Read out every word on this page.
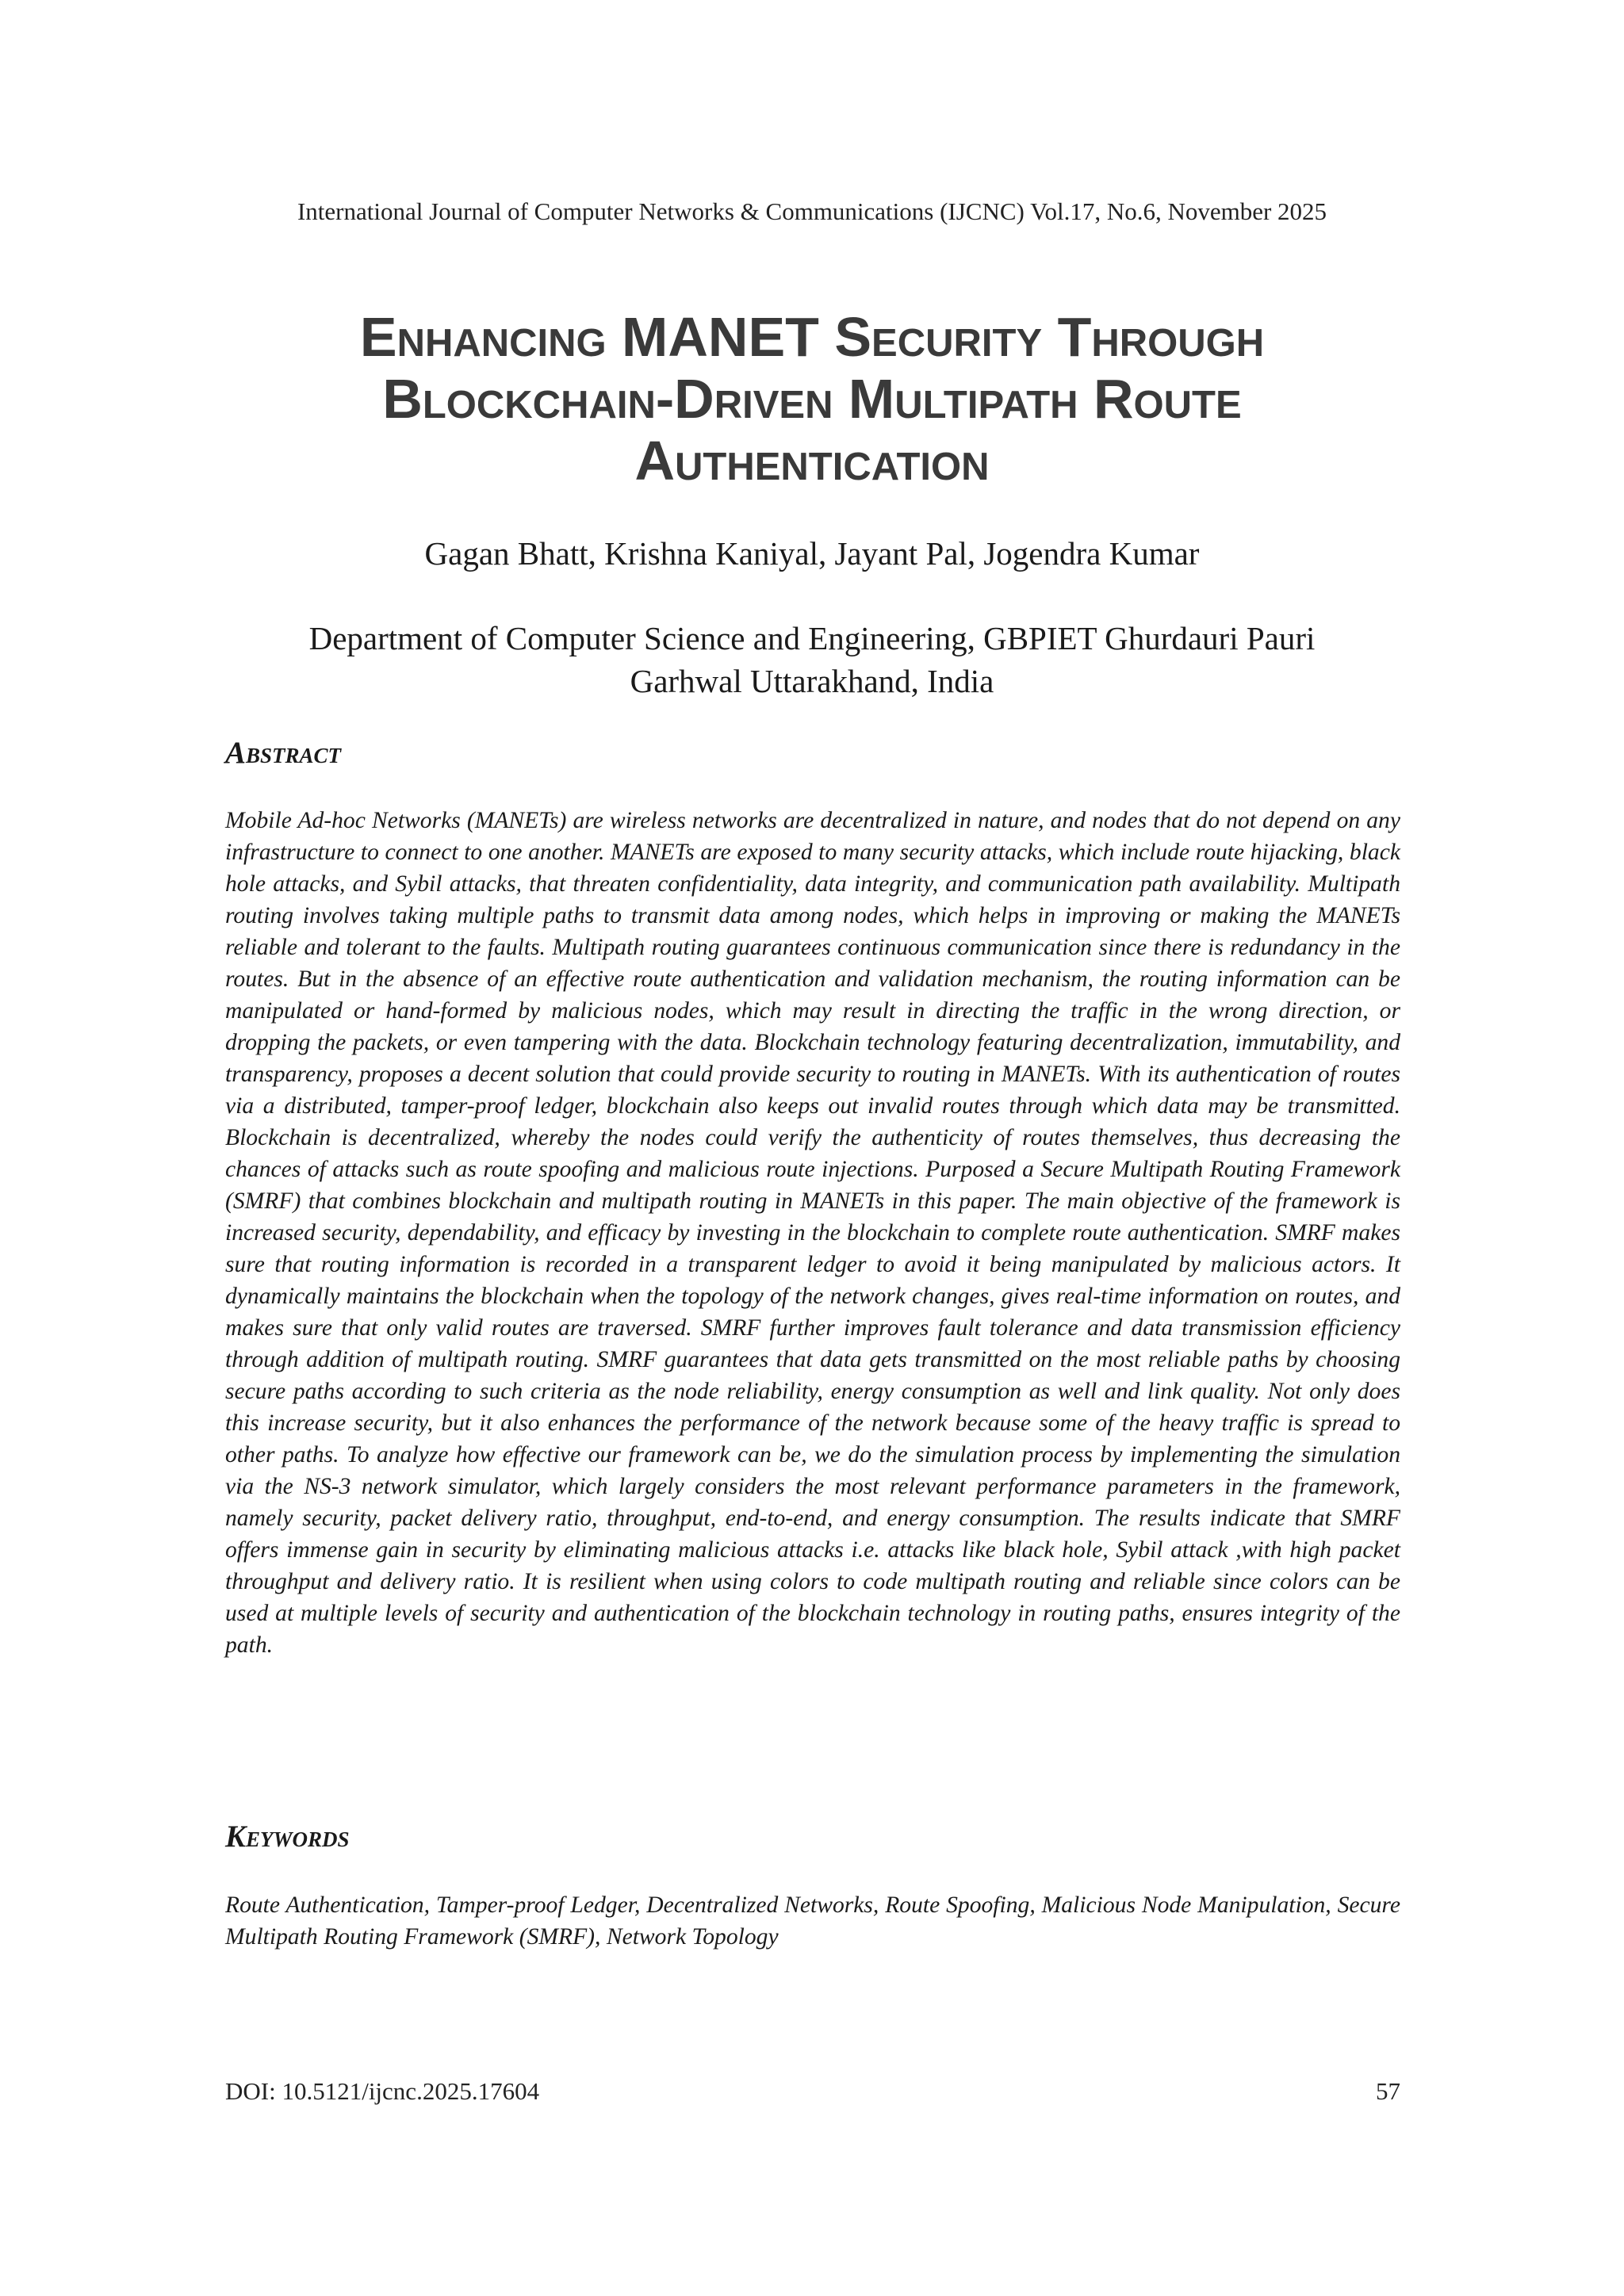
International Journal of Computer Networks & Communications (IJCNC) Vol.17, No.6, November 2025
Enhancing MANET Security Through
Blockchain-Driven Multipath Route
Authentication
Gagan Bhatt, Krishna Kaniyal, Jayant Pal, Jogendra Kumar
Department of Computer Science and Engineering, GBPIET Ghurdauri Pauri
Garhwal Uttarakhand, India
Abstract

Mobile Ad-hoc Networks (MANETs) are wireless networks are decentralized in nature, and nodes that do not depend on any infrastructure to connect to one another. MANETs are exposed to many security attacks, which include route hijacking, black hole attacks, and Sybil attacks, that threaten confidentiality, data integrity, and communication path availability. Multipath routing involves taking multiple paths to transmit data among nodes, which helps in improving or making the MANETs reliable and tolerant to the faults. Multipath routing guarantees continuous communication since there is redundancy in the routes. But in the absence of an effective route authentication and validation mechanism, the routing information can be manipulated or hand-formed by malicious nodes, which may result in directing the traffic in the wrong direction, or dropping the packets, or even tampering with the data. Blockchain technology featuring decentralization, immutability, and transparency, proposes a decent solution that could provide security to routing in MANETs. With its authentication of routes via a distributed, tamper-proof ledger, blockchain also keeps out invalid routes through which data may be transmitted. Blockchain is decentralized, whereby the nodes could verify the authenticity of routes themselves, thus decreasing the chances of attacks such as route spoofing and malicious route injections. Purposed a Secure Multipath Routing Framework (SMRF) that combines blockchain and multipath routing in MANETs in this paper. The main objective of the framework is increased security, dependability, and efficacy by investing in the blockchain to complete route authentication. SMRF makes sure that routing information is recorded in a transparent ledger to avoid it being manipulated by malicious actors. It dynamically maintains the blockchain when the topology of the network changes, gives real-time information on routes, and makes sure that only valid routes are traversed. SMRF further improves fault tolerance and data transmission efficiency through addition of multipath routing. SMRF guarantees that data gets transmitted on the most reliable paths by choosing secure paths according to such criteria as the node reliability, energy consumption as well and link quality. Not only does this increase security, but it also enhances the performance of the network because some of the heavy traffic is spread to other paths. To analyze how effective our framework can be, we do the simulation process by implementing the simulation via the NS-3 network simulator, which largely considers the most relevant performance parameters in the framework, namely security, packet delivery ratio, throughput, end-to-end, and energy consumption. The results indicate that SMRF offers immense gain in security by eliminating malicious attacks i.e. attacks like black hole, Sybil attack ,with high packet throughput and delivery ratio. It is resilient when using colors to code multipath routing and reliable since colors can be used at multiple levels of security and authentication of the blockchain technology in routing paths, ensures integrity of the path.

Keywords

Route Authentication, Tamper-proof Ledger, Decentralized Networks, Route Spoofing, Malicious Node Manipulation, Secure Multipath Routing Framework (SMRF), Network Topology

DOI: 10.5121/ijcnc.2025.17604	57
